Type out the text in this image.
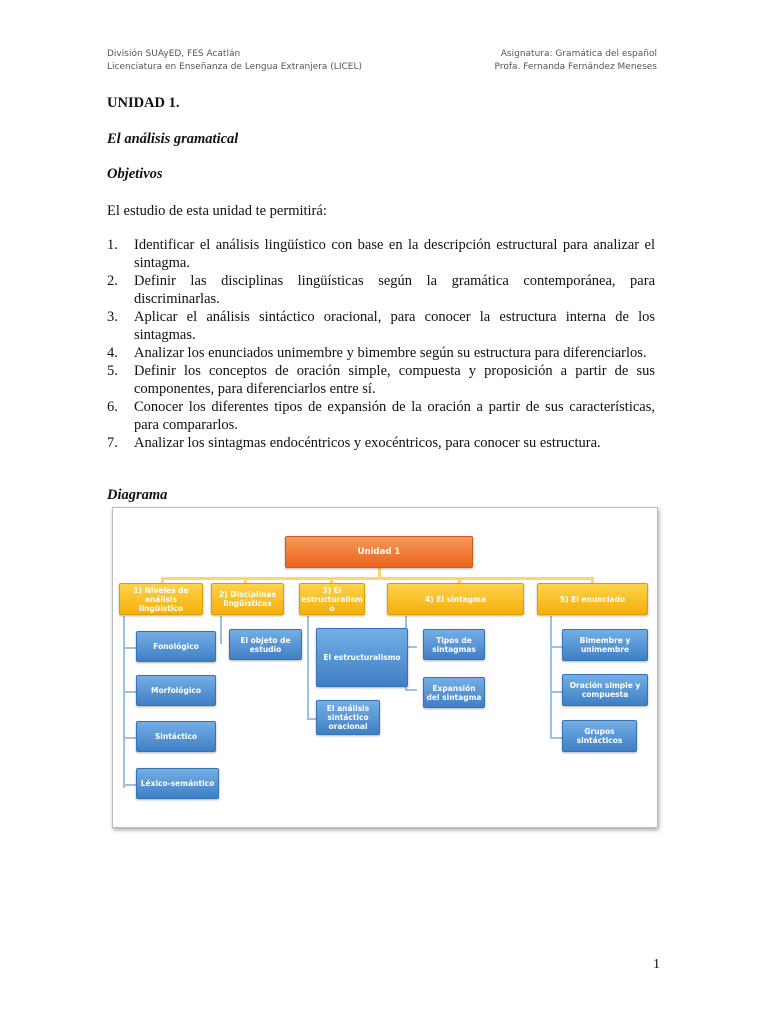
División SUAyED, FES Acatlán
Licenciatura en Enseñanza de Lengua Extranjera (LICEL)
Asignatura: Gramática del español
Profa. Fernanda Fernández Meneses
UNIDAD 1.
El análisis gramatical
Objetivos
El estudio de esta unidad te permitirá:
1. Identificar el análisis lingüístico con base en la descripción estructural para analizar el sintagma.
2. Definir las disciplinas lingüísticas según la gramática contemporánea, para discriminarlas.
3. Aplicar el análisis sintáctico oracional, para conocer la estructura interna de los sintagmas.
4. Analizar los enunciados unimembre y bimembre según su estructura para diferenciarlos.
5. Definir los conceptos de oración simple, compuesta y proposición a partir de sus componentes, para diferenciarlos entre sí.
6. Conocer los diferentes tipos de expansión de la oración a partir de sus características, para compararlos.
7. Analizar los sintagmas endocéntricos y exocéntricos, para conocer su estructura.
Diagrama
Unidad 1
1) Niveles de análisis lingüístico
2) Disciplinas lingüísticas
3) El estructuralism o
4) El sintagma	5) El enunciado
Fonológico
Morfológico
Sintáctico
Léxico-semántico
El objeto de estudio
El estructuralismo
El análisis sintáctico oracional
Tipos de sintagmas
Expansión del sintagma
Bimembre y unimembre
Oración simple y compuesta
Grupos sintácticos
1
